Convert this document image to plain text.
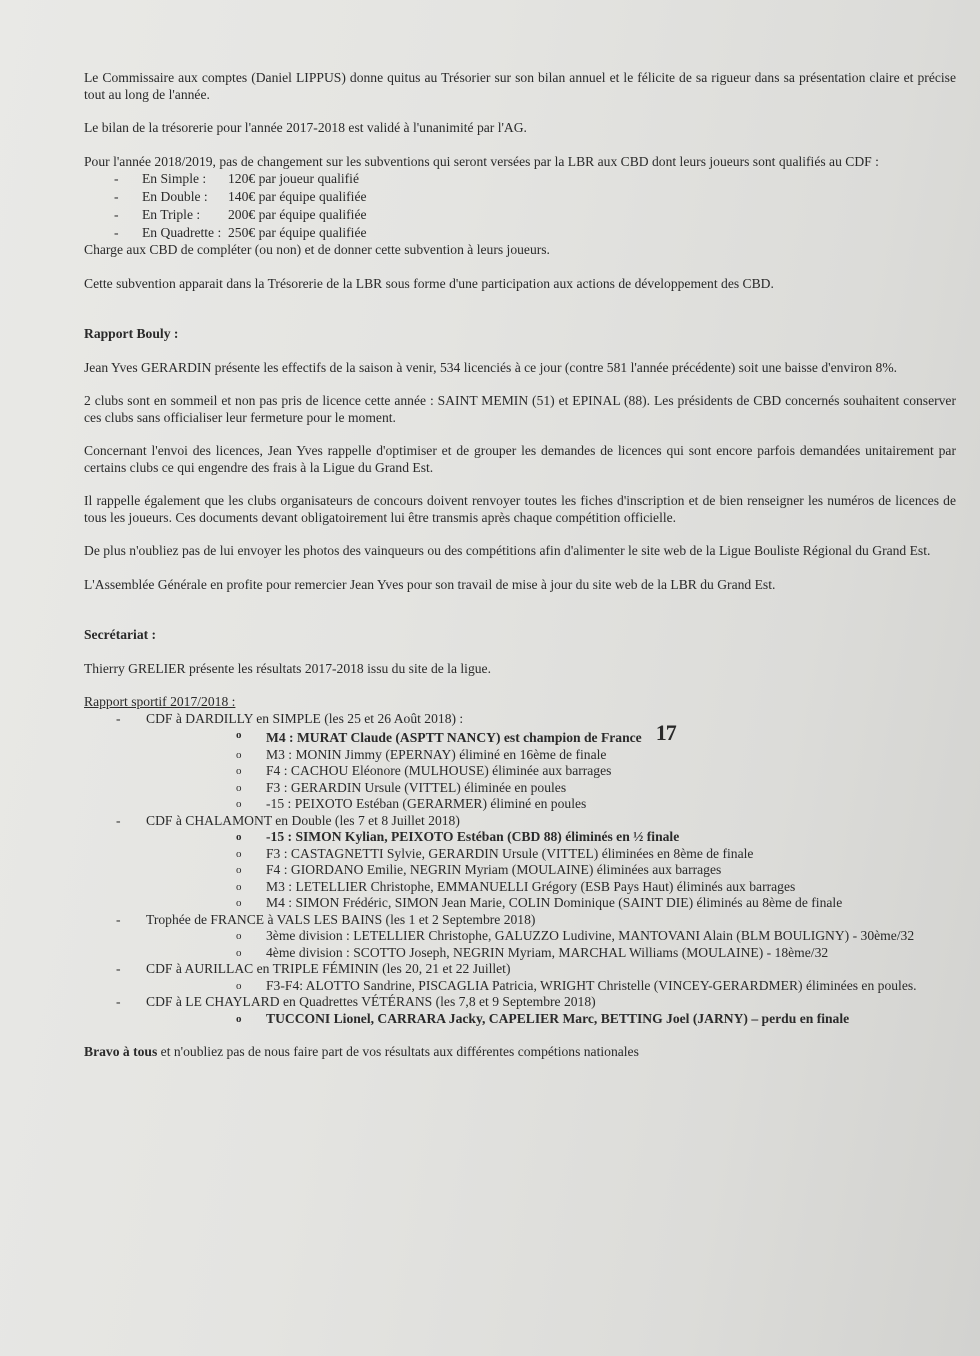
Le Commissaire aux comptes (Daniel LIPPUS) donne quitus au Trésorier sur son bilan annuel et le félicite de sa rigueur dans sa présentation claire et précise tout au long de l'année.

Le bilan de la trésorerie pour l'année 2017-2018 est validé à l'unanimité par l'AG.

Pour l'année 2018/2019, pas de changement sur les subventions qui seront versées par la LBR aux CBD dont leurs joueurs sont qualifiés au CDF :

- En Simple : 120€ par joueur qualifié
- En Double : 140€ par équipe qualifiée
- En Triple : 200€ par équipe qualifiée
- En Quadrette : 250€ par équipe qualifiée

Charge aux CBD de compléter (ou non) et de donner cette subvention à leurs joueurs.

Cette subvention apparait dans la Trésorerie de la LBR sous forme d'une participation aux actions de développement des CBD.

Rapport Bouly :

Jean Yves GERARDIN présente les effectifs de la saison à venir, 534 licenciés à ce jour (contre 581 l'année précédente) soit une baisse d'environ 8%.

2 clubs sont en sommeil et non pas pris de licence cette année : SAINT MEMIN (51) et EPINAL (88). Les présidents de CBD concernés souhaitent conserver ces clubs sans officialiser leur fermeture pour le moment.

Concernant l'envoi des licences, Jean Yves rappelle d'optimiser et de grouper les demandes de licences qui sont encore parfois demandées unitairement par certains clubs ce qui engendre des frais à la Ligue du Grand Est.

Il rappelle également que les clubs organisateurs de concours doivent renvoyer toutes les fiches d'inscription et de bien renseigner les numéros de licences de tous les joueurs. Ces documents devant obligatoirement lui être transmis après chaque compétition officielle.

De plus n'oubliez pas de lui envoyer les photos des vainqueurs ou des compétitions afin d'alimenter le site web de la Ligue Bouliste Régional du Grand Est.

L'Assemblée Générale en profite pour remercier Jean Yves pour son travail de mise à jour du site web de la LBR du Grand Est.

Secrétariat :

Thierry GRELIER présente les résultats 2017-2018 issu du site de la ligue.

Rapport sportif 2017/2018 :

- CDF à DARDILLY en SIMPLE (les 25 et 26 Août 2018) :
o M4 : MURAT Claude (ASPTT NANCY) est champion de France 17
o M3 : MONIN Jimmy (EPERNAY) éliminé en 16ème de finale
o F4 : CACHOU Eléonore (MULHOUSE) éliminée aux barrages
o F3 : GERARDIN Ursule (VITTEL) éliminée en poules
o -15 : PEIXOTO Estéban (GERARMER) éliminé en poules
- CDF à CHALAMONT en Double (les 7 et 8 Juillet 2018)
o -15 : SIMON Kylian, PEIXOTO Estéban (CBD 88) éliminés en ½ finale
o F3 : CASTAGNETTI Sylvie, GERARDIN Ursule (VITTEL) éliminées en 8ème de finale
o F4 : GIORDANO Emilie, NEGRIN Myriam (MOULAINE) éliminées aux barrages
o M3 : LETELLIER Christophe, EMMANUELLI Grégory (ESB Pays Haut) éliminés aux barrages
o M4 : SIMON Frédéric, SIMON Jean Marie, COLIN Dominique (SAINT DIE) éliminés au 8ème de finale
- Trophée de FRANCE à VALS LES BAINS (les 1 et 2 Septembre 2018)
o 3ème division : LETELLIER Christophe, GALUZZO Ludivine, MANTOVANI Alain (BLM BOULIGNY) - 30ème/32
o 4ème division : SCOTTO Joseph, NEGRIN Myriam, MARCHAL Williams (MOULAINE) - 18ème/32
- CDF à AURILLAC en TRIPLE FÉMININ (les 20, 21 et 22 Juillet)
o F3-F4: ALOTTO Sandrine, PISCAGLIA Patricia, WRIGHT Christelle (VINCEY-GERARDMER) éliminées en poules.
- CDF à LE CHAYLARD en Quadrettes VÉTÉRANS (les 7,8 et 9 Septembre 2018)
o TUCCONI Lionel, CARRARA Jacky, CAPELIER Marc, BETTING Joel (JARNY) – perdu en finale

Bravo à tous et n'oubliez pas de nous faire part de vos résultats aux différentes compétions nationales
